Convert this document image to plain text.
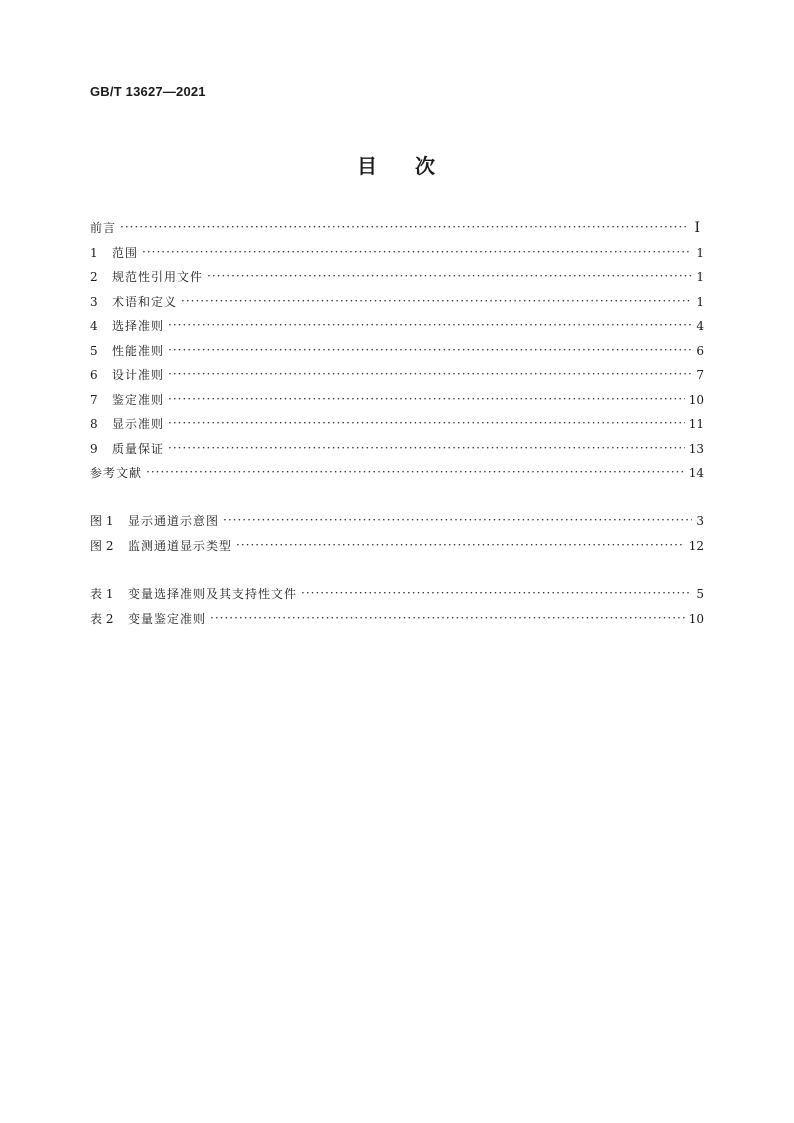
GB/T 13627—2021
目次
前言 ·····	Ⅰ
1	范围 ·····	1
2	规范性引用文件 ·····	1
3	术语和定义 ·····	1
4	选择准则 ·····	4
5	性能准则 ·····	6
6	设计准则 ·····	7
7	鉴定准则 ·····	10
8	显示准则 ·····	11
9	质量保证 ·····	13
参考文献 ·····	14
图 1	显示通道示意图 ·····	3
图 2	监测通道显示类型 ·····	12
表 1	变量选择准则及其支持性文件 ·····	5
表 2	变量鉴定准则 ·····	10
